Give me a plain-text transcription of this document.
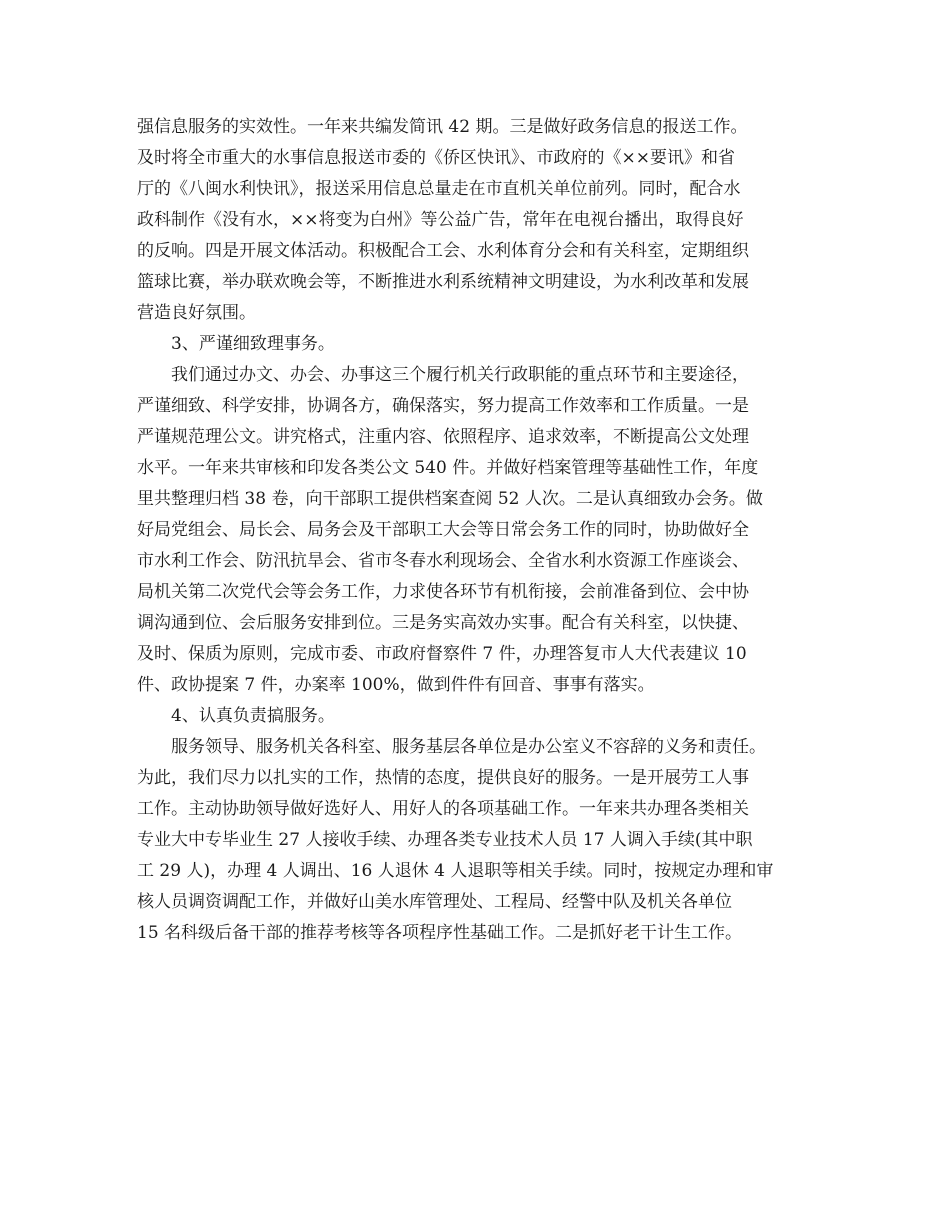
强信息服务的实效性。一年来共编发简讯 42 期。三是做好政务信息的报送工作。
及时将全市重大的水事信息报送市委的《侨区快讯》、市政府的《××要讯》和省
厅的《八闽水利快讯》，报送采用信息总量走在市直机关单位前列。同时，配合水
政科制作《没有水，××将变为白州》等公益广告，常年在电视台播出，取得良好
的反响。四是开展文体活动。积极配合工会、水利体育分会和有关科室，定期组织
篮球比赛，举办联欢晚会等，不断推进水利系统精神文明建设，为水利改革和发展
营造良好氛围。
3、严谨细致理事务。
我们通过办文、办会、办事这三个履行机关行政职能的重点环节和主要途径，
严谨细致、科学安排，协调各方，确保落实，努力提高工作效率和工作质量。一是
严谨规范理公文。讲究格式，注重内容、依照程序、追求效率，不断提高公文处理
水平。一年来共审核和印发各类公文 540 件。并做好档案管理等基础性工作，年度
里共整理归档 38 卷，向干部职工提供档案查阅 52 人次。二是认真细致办会务。做
好局党组会、局长会、局务会及干部职工大会等日常会务工作的同时，协助做好全
市水利工作会、防汛抗旱会、省市冬春水利现场会、全省水利水资源工作座谈会、
局机关第二次党代会等会务工作，力求使各环节有机衔接，会前准备到位、会中协
调沟通到位、会后服务安排到位。三是务实高效办实事。配合有关科室，以快捷、
及时、保质为原则，完成市委、市政府督察件 7 件，办理答复市人大代表建议 10
件、政协提案 7 件，办案率 100%，做到件件有回音、事事有落实。
4、认真负责搞服务。
服务领导、服务机关各科室、服务基层各单位是办公室义不容辞的义务和责任。
为此，我们尽力以扎实的工作，热情的态度，提供良好的服务。一是开展劳工人事
工作。主动协助领导做好选好人、用好人的各项基础工作。一年来共办理各类相关
专业大中专毕业生 27 人接收手续、办理各类专业技术人员 17 人调入手续(其中职
工 29 人)，办理 4 人调出、16 人退休 4 人退职等相关手续。同时，按规定办理和审
核人员调资调配工作，并做好山美水库管理处、工程局、经警中队及机关各单位
15 名科级后备干部的推荐考核等各项程序性基础工作。二是抓好老干计生工作。
